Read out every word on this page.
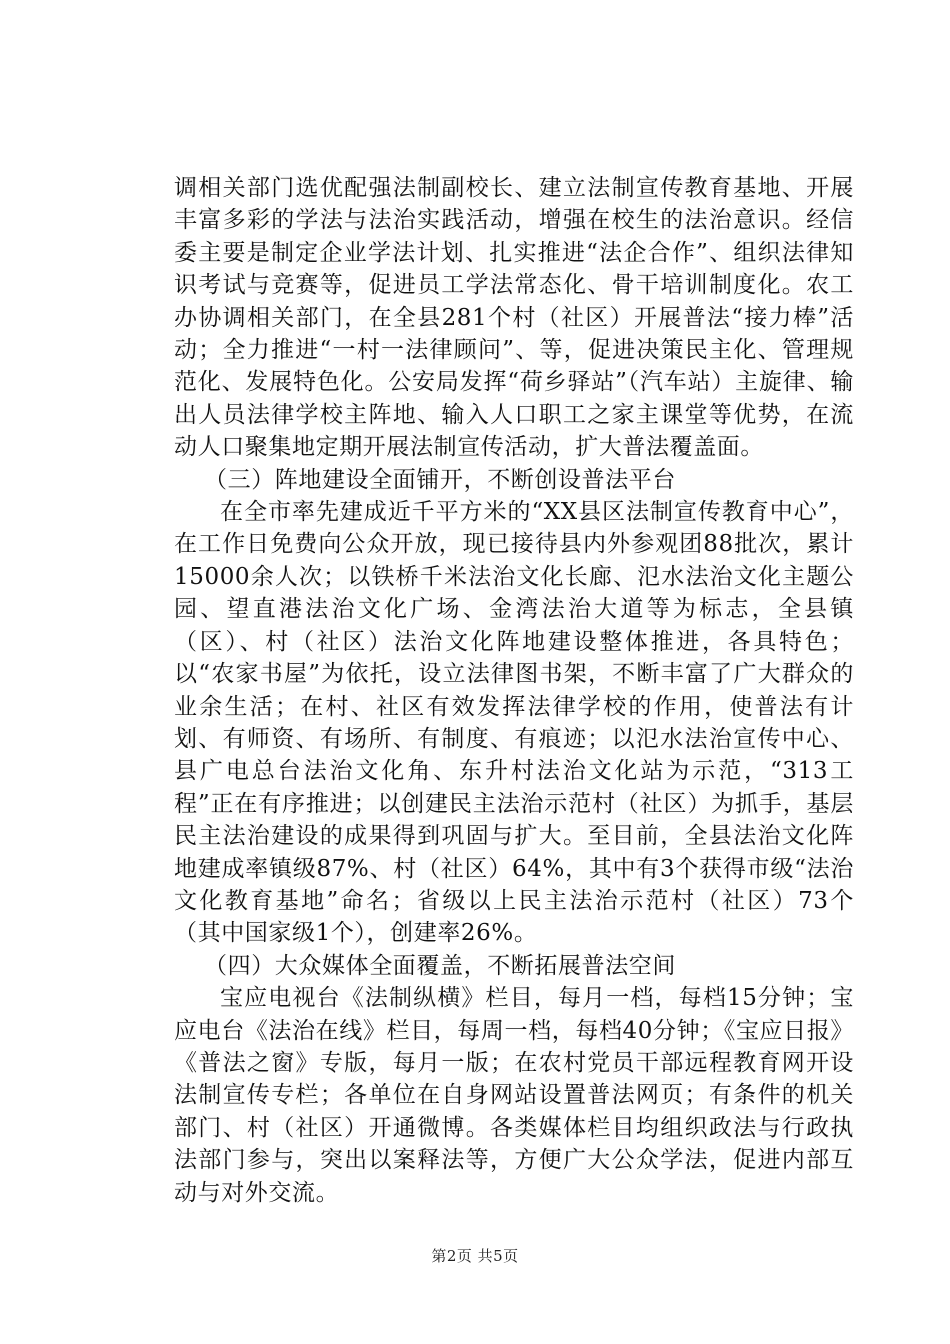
调相关部门选优配强法制副校长、建立法制宣传教育基地、开展丰富多彩的学法与法治实践活动，增强在校生的法治意识。经信委主要是制定企业学法计划、扎实推进“法企合作”、组织法律知识考试与竞赛等，促进员工学法常态化、骨干培训制度化。农工办协调相关部门，在全县281个村（社区）开展普法“接力棒”活动；全力推进“一村一法律顾问”、等，促进决策民主化、管理规范化、发展特色化。公安局发挥“荷乡驿站”（汽车站）主旋律、输出人员法律学校主阵地、输入人口职工之家主课堂等优势，在流动人口聚集地定期开展法制宣传活动，扩大普法覆盖面。

（三）阵地建设全面铺开，不断创设普法平台

在全市率先建成近千平方米的“XX县区法制宣传教育中心”，在工作日免费向公众开放，现已接待县内外参观团88批次，累计15000余人次；以铁桥千米法治文化长廊、氾水法治文化主题公园、望直港法治文化广场、金湾法治大道等为标志，全县镇（区）、村（社区）法治文化阵地建设整体推进，各具特色；以“农家书屋”为依托，设立法律图书架，不断丰富了广大群众的业余生活；在村、社区有效发挥法律学校的作用，使普法有计划、有师资、有场所、有制度、有痕迹；以氾水法治宣传中心、县广电总台法治文化角、东升村法治文化站为示范，“313工程”正在有序推进；以创建民主法治示范村（社区）为抓手，基层民主法治建设的成果得到巩固与扩大。至目前，全县法治文化阵地建成率镇级87%、村（社区）64%，其中有3个获得市级“法治文化教育基地”命名；省级以上民主法治示范村（社区）73个（其中国家级1个），创建率26%。

（四）大众媒体全面覆盖，不断拓展普法空间

宝应电视台《法制纵横》栏目，每月一档，每档15分钟；宝应电台《法治在线》栏目，每周一档，每档40分钟；《宝应日报》《普法之窗》专版，每月一版；在农村党员干部远程教育网开设法制宣传专栏；各单位在自身网站设置普法网页；有条件的机关部门、村（社区）开通微博。各类媒体栏目均组织政法与行政执法部门参与，突出以案释法等，方便广大公众学法，促进内部互动与对外交流。

第2页 共5页
